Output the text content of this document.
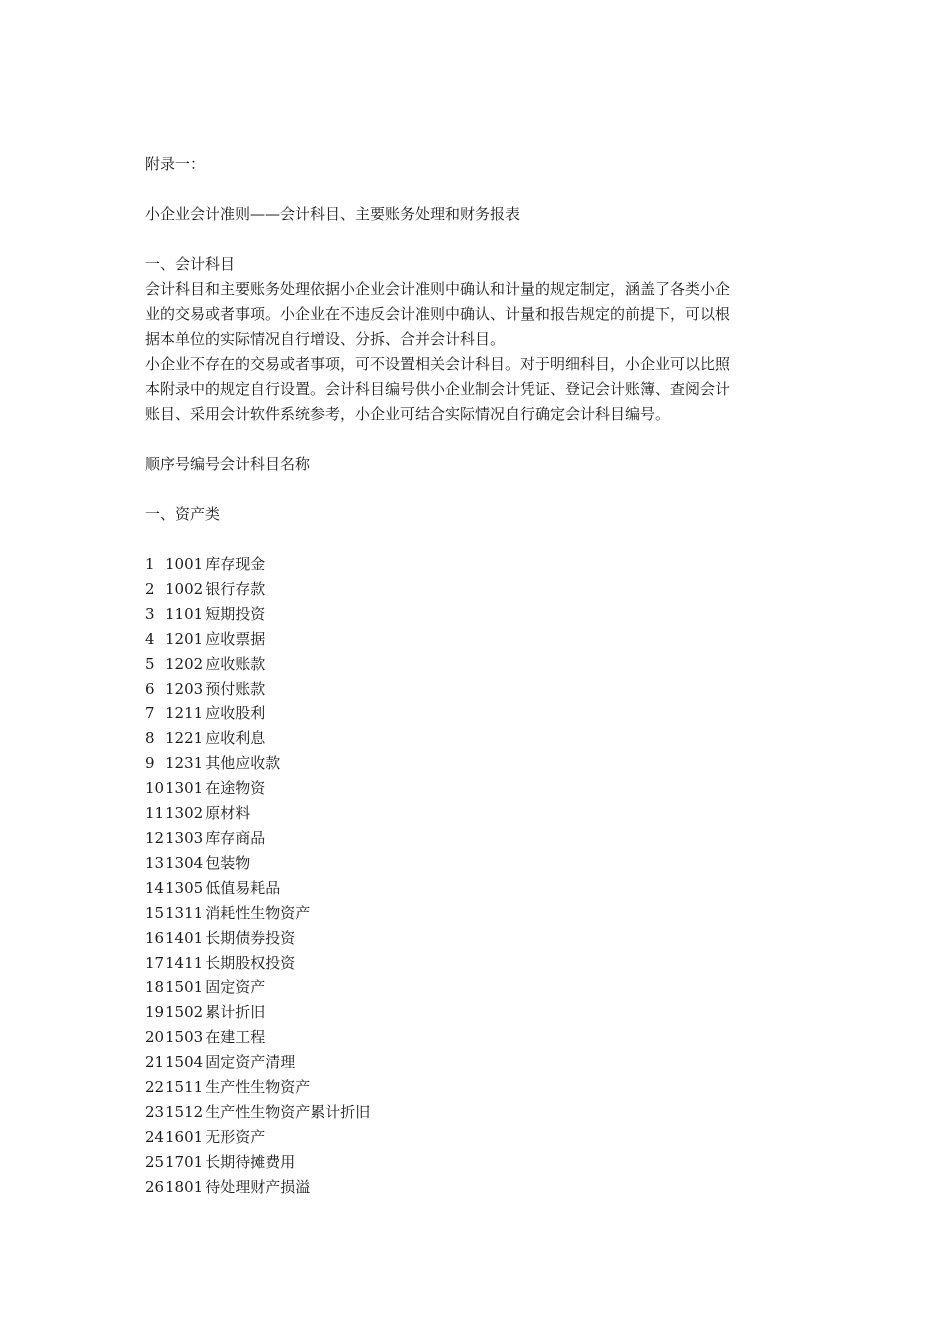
附录一：
小企业会计准则——会计科目、主要账务处理和财务报表
一、会计科目
会计科目和主要账务处理依据小企业会计准则中确认和计量的规定制定，涵盖了各类小企
业的交易或者事项。小企业在不违反会计准则中确认、计量和报告规定的前提下，可以根
据本单位的实际情况自行增设、分拆、合并会计科目。
小企业不存在的交易或者事项，可不设置相关会计科目。对于明细科目，小企业可以比照
本附录中的规定自行设置。会计科目编号供小企业制会计凭证、登记会计账簿、查阅会计
账目、采用会计软件系统参考，小企业可结合实际情况自行确定会计科目编号。
顺序号编号会计科目名称
一、资产类
1 1001 库存现金
2 1002 银行存款
3 1101 短期投资
4 1201 应收票据
5 1202 应收账款
6 1203 预付账款
7 1211 应收股利
8 1221 应收利息
9 1231 其他应收款
101301 在途物资
111302 原材料
121303 库存商品
131304 包装物
141305 低值易耗品
151311 消耗性生物资产
161401 长期债券投资
171411 长期股权投资
181501 固定资产
191502 累计折旧
201503 在建工程
211504 固定资产清理
221511 生产性生物资产
231512 生产性生物资产累计折旧
241601 无形资产
251701 长期待摊费用
261801 待处理财产损溢
